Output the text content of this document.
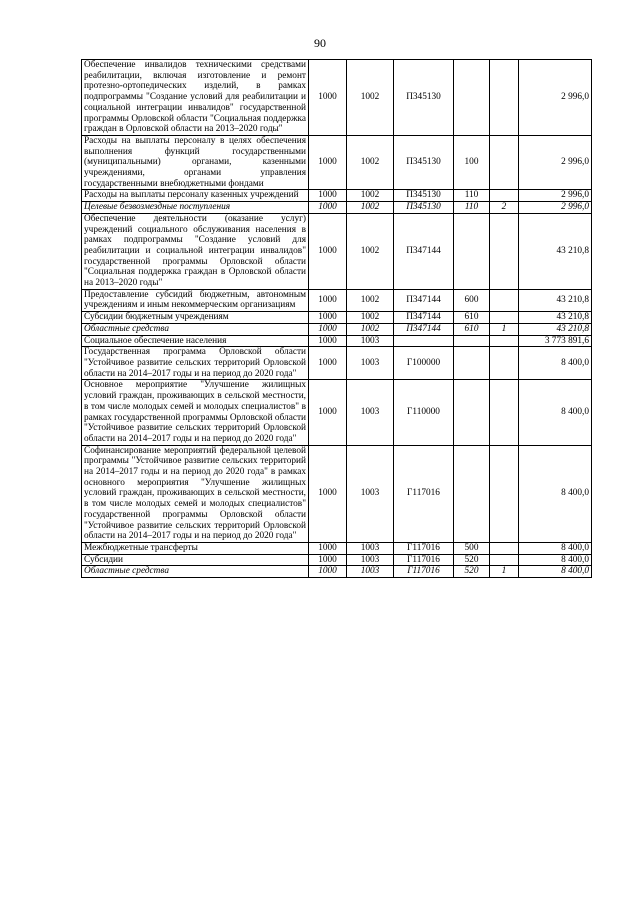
90
Обеспечение инвалидов техническими средствами реабилитации, включая изготовление и ремонт протезно-ортопедических изделий, в рамках подпрограммы "Создание условий для реабилитации и социальной интеграции инвалидов" государственной программы Орловской области "Социальная поддержка граждан в Орловской области на 2013–2020 годы"	1000	1002	П345130			2 996,0
Расходы на выплаты персоналу в целях обеспечения выполнения функций государственными (муниципальными) органами, казенными учреждениями, органами управления государственными внебюджетными фондами	1000	1002	П345130	100		2 996,0
Расходы на выплаты персоналу казенных учреждений	1000	1002	П345130	110		2 996,0
Целевые безвозмездные поступления	1000	1002	П345130	110	2	2 996,0
Обеспечение деятельности (оказание услуг) учреждений социального обслуживания населения в рамках подпрограммы "Создание условий для реабилитации и социальной интеграции инвалидов" государственной программы Орловской области "Социальная поддержка граждан в Орловской области на 2013–2020 годы"	1000	1002	П347144			43 210,8
Предоставление субсидий бюджетным, автономным учреждениям и иным некоммерческим организациям	1000	1002	П347144	600		43 210,8
Субсидии бюджетным учреждениям	1000	1002	П347144	610		43 210,8
Областные средства	1000	1002	П347144	610	1	43 210,8
Социальное обеспечение населения	1000	1003				3 773 891,6
Государственная программа Орловской области "Устойчивое развитие сельских территорий Орловской области на 2014–2017 годы и на период до 2020 года"	1000	1003	Г100000			8 400,0
Основное мероприятие "Улучшение жилищных условий граждан, проживающих в сельской местности, в том числе молодых семей и молодых специалистов" в рамках государственной программы Орловской области "Устойчивое развитие сельских территорий Орловской области на 2014–2017 годы и на период до 2020 года"	1000	1003	Г110000			8 400,0
Софинансирование мероприятий федеральной целевой программы "Устойчивое развитие сельских территорий на 2014–2017 годы и на период до 2020 года" в рамках основного мероприятия "Улучшение жилищных условий граждан, проживающих в сельской местности, в том числе молодых семей и молодых специалистов" государственной программы Орловской области "Устойчивое развитие сельских территорий Орловской области на 2014–2017 годы и на период до 2020 года"	1000	1003	Г117016			8 400,0
Межбюджетные трансферты	1000	1003	Г117016	500		8 400,0
Субсидии	1000	1003	Г117016	520		8 400,0
Областные средства	1000	1003	Г117016	520	1	8 400,0
